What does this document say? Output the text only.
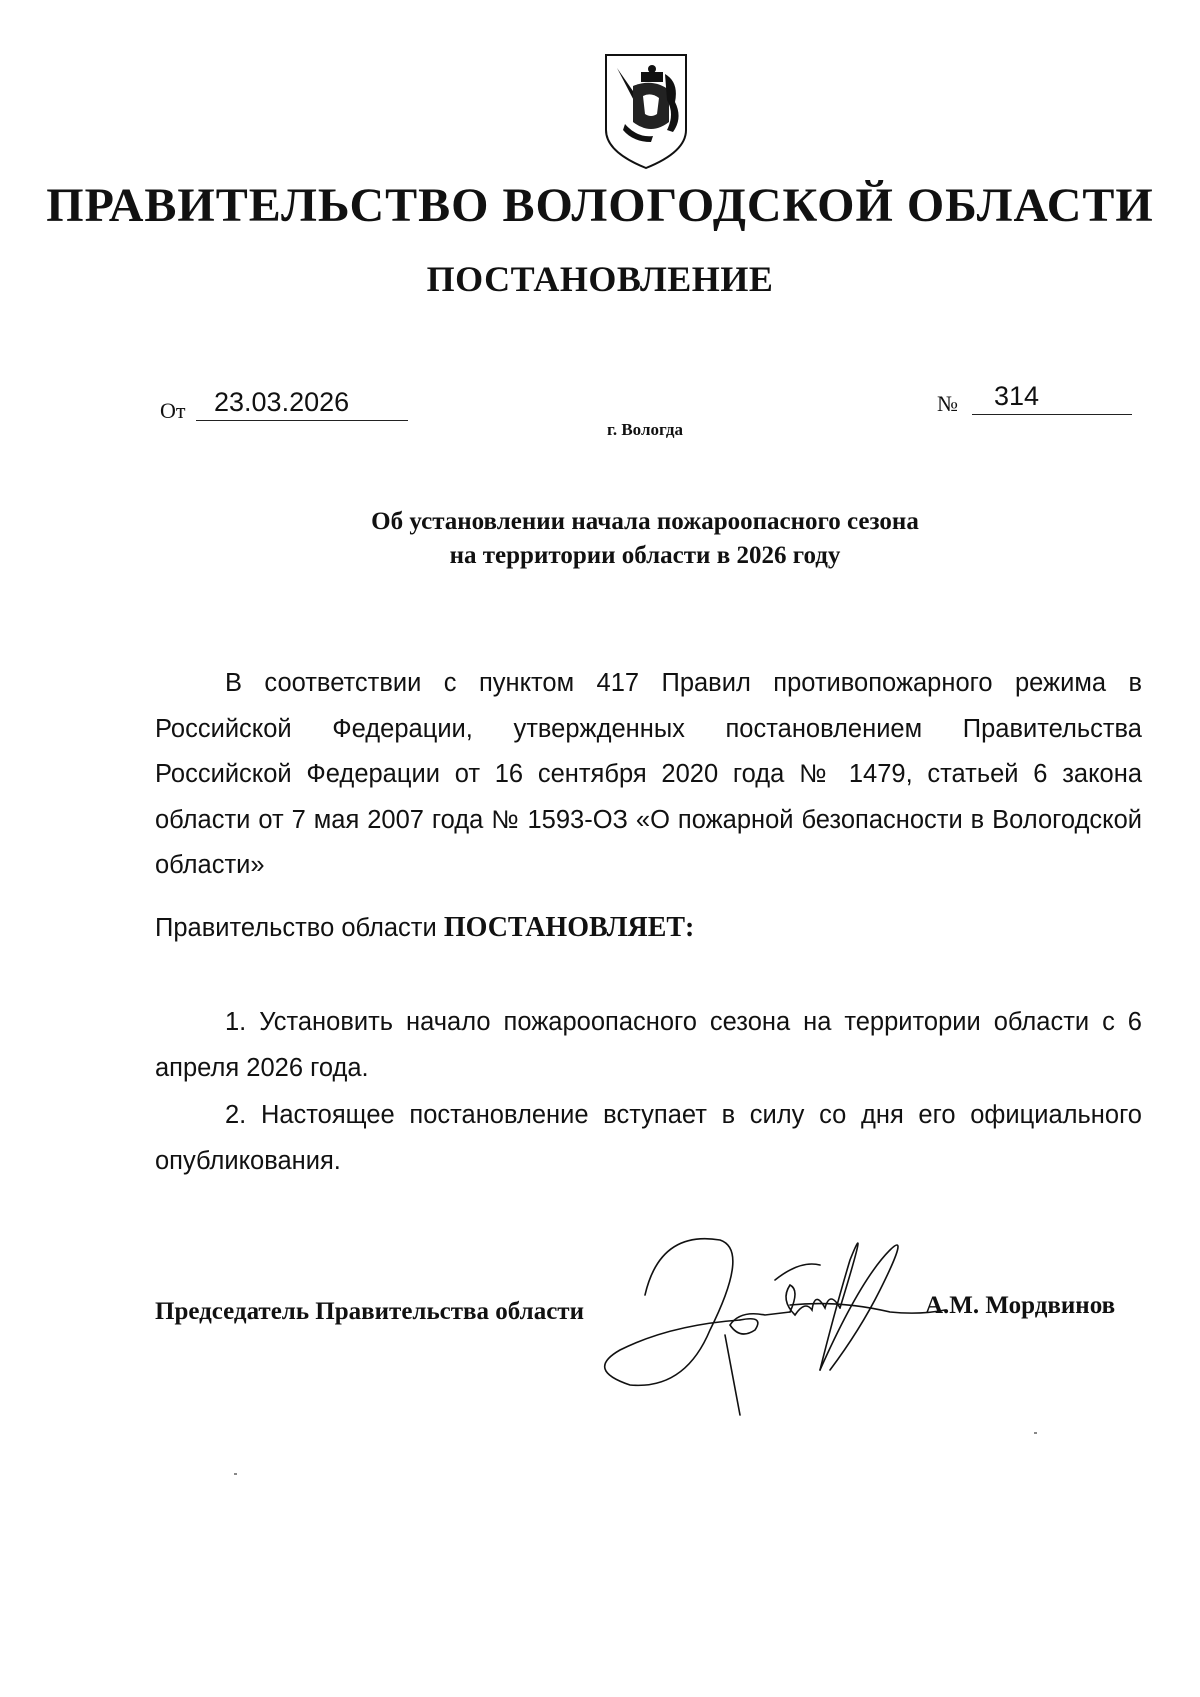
ПРАВИТЕЛЬСТВО ВОЛОГОДСКОЙ ОБЛАСТИ
ПОСТАНОВЛЕНИЕ
От	23.03.2026	№	314
г. Вологда
Об установлении начала пожароопасного сезона
на территории области в 2026 году
В соответствии с пунктом 417 Правил противопожарного режима в Российской Федерации, утвержденных постановлением Правительства Российской Федерации от 16 сентября 2020 года № 1479, статьей 6 закона области от 7 мая 2007 года № 1593-ОЗ «О пожарной безопасности в Вологодской области»
Правительство области ПОСТАНОВЛЯЕТ:
1. Установить начало пожароопасного сезона на территории области с 6 апреля 2026 года.
2. Настоящее постановление вступает в силу со дня его официального опубликования.
Председатель Правительства области	А.М. Мордвинов
